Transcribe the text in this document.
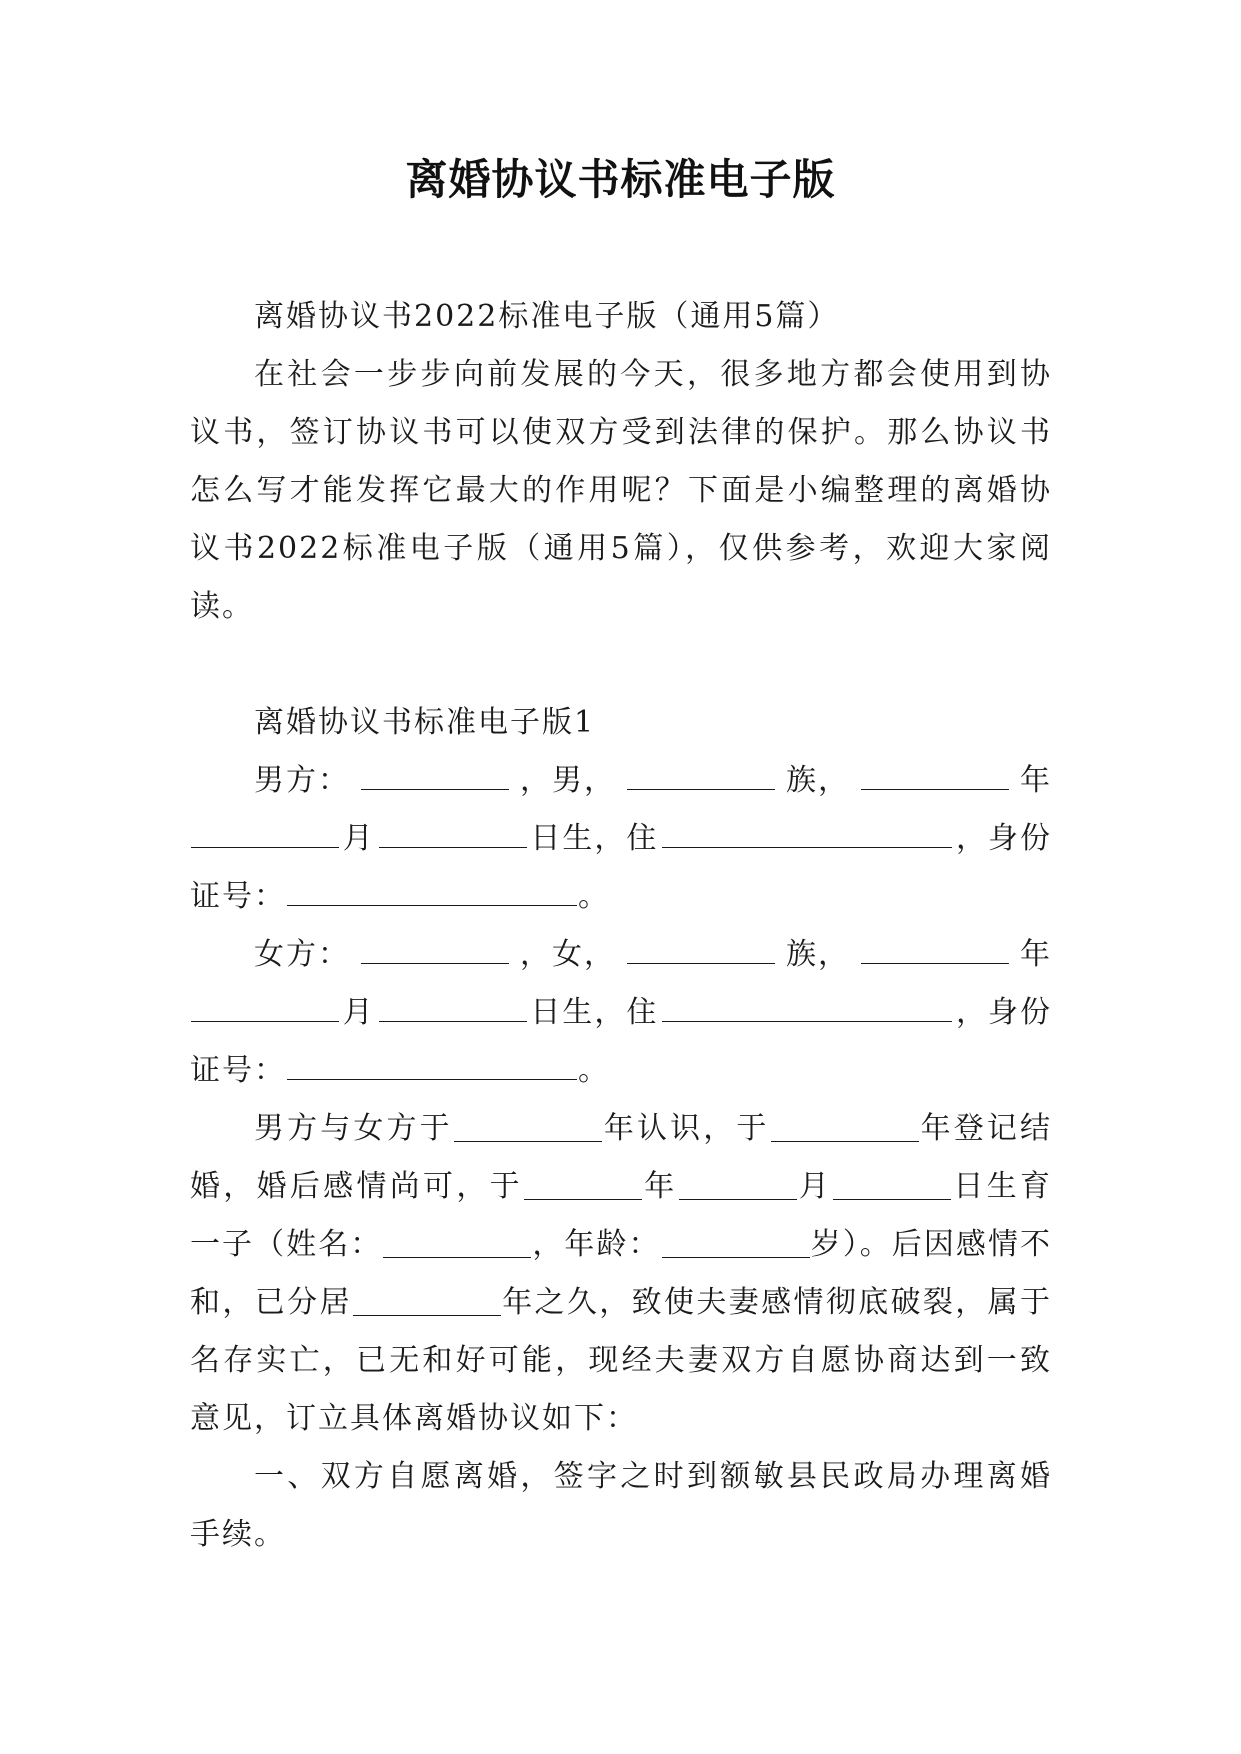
离婚协议书标准电子版

离婚协议书2022标准电子版（通用5篇）

在社会一步步向前发展的今天，很多地方都会使用到协议书，签订协议书可以使双方受到法律的保护。那么协议书怎么写才能发挥它最大的作用呢？下面是小编整理的离婚协议书2022标准电子版（通用5篇），仅供参考，欢迎大家阅读。

离婚协议书标准电子版1

男方：	，男，	族，	年
月	日生，住	，身份
证号：	。
女方：	，女，	族，	年
月	日生，住	，身份
证号：	。

男方与女方于	年认识，于	年登记结婚，婚后感情尚可，于	年	月	日生育一子（姓名：	，年龄：	岁）。后因感情不和，已分居	年之久，致使夫妻感情彻底破裂，属于名存实亡，已无和好可能，现经夫妻双方自愿协商达到一致意见，订立具体离婚协议如下：

一、双方自愿离婚，签字之时到额敏县民政局办理离婚手续。
